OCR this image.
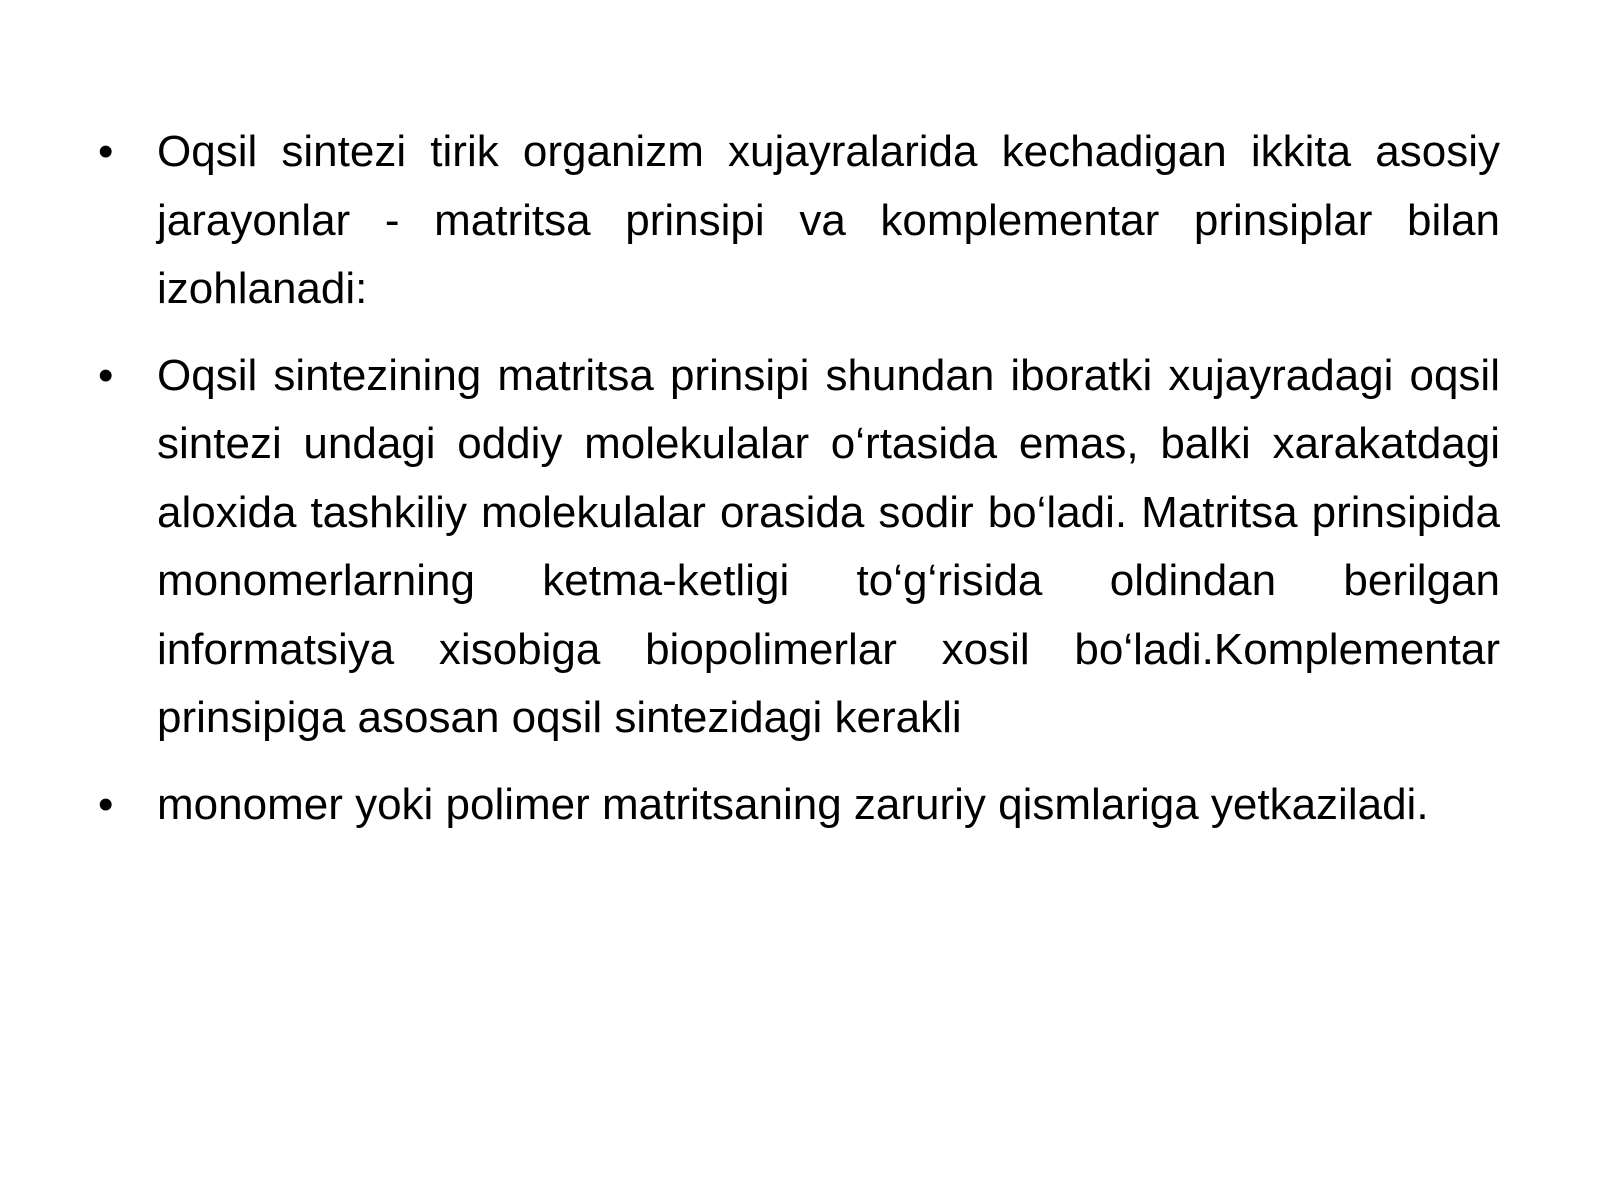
• Oqsil sintezi tirik organizm xujayralarida kechadigan ikkita asosiy jarayonlar - matritsa prinsipi va komplementar prinsiplar bilan izohlanadi:
• Oqsil sintezining matritsa prinsipi shundan iboratki xujayradagi oqsil sintezi undagi oddiy molekulalar o‘rtasida emas, balki xarakatdagi aloxida tashkiliy molekulalar orasida sodir bo‘ladi. Matritsa prinsipida monomerlarning ketma-ketligi to‘g‘risida oldindan berilgan informatsiya xisobiga biopolimerlar xosil bo‘ladi.Komplementar prinsipiga asosan oqsil sintezidagi kerakli
• monomer yoki polimer matritsaning zaruriy qismlariga yetkaziladi.
